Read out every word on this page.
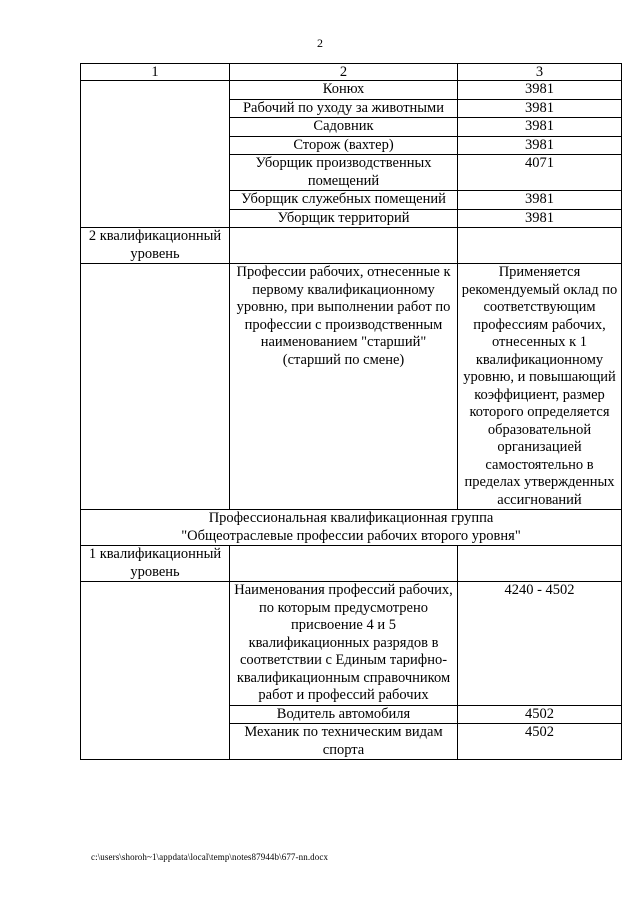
2
1	2	3
	Конюх	3981
	Рабочий по уходу за животными	3981
	Садовник	3981
	Сторож (вахтер)	3981
	Уборщик производственных помещений	4071
	Уборщик служебных помещений	3981
	Уборщик территорий	3981
2 квалификационный уровень		
	Профессии рабочих, отнесенные к первому квалификационному уровню, при выполнении работ по профессии с производственным наименованием "старший" (старший по смене)	Применяется рекомендуемый оклад по соответствующим профессиям рабочих, отнесенных к 1 квалификационному уровню, и повышающий коэффициент, размер которого определяется образовательной организацией самостоятельно в пределах утвержденных ассигнований

Профессиональная квалификационная группа
"Общеотраслевые профессии рабочих второго уровня"		

1 квалификационный уровень		
	Наименования профессий рабочих, по которым предусмотрено присвоение 4 и 5 квалификационных разрядов в соответствии с Единым тарифно-квалификационным справочником работ и профессий рабочих	4240 - 4502
	Водитель автомобиля	4502
	Механик по техническим видам спорта	4502
c:\users\shoroh~1\appdata\local\temp\notes87944b\677-nn.docx
